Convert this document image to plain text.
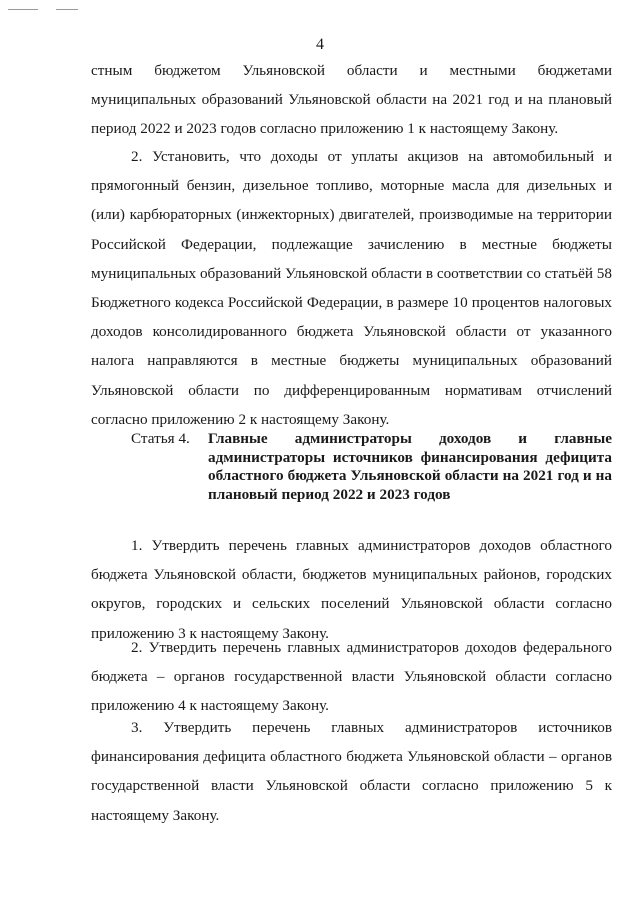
4

стным бюджетом Ульяновской области и местными бюджетами муниципальных образований Ульяновской области на 2021 год и на плановый период 2022 и 2023 годов согласно приложению 1 к настоящему Закону.

2. Установить, что доходы от уплаты акцизов на автомобильный и прямогонный бензин, дизельное топливо, моторные масла для дизельных и (или) карбюраторных (инжекторных) двигателей, производимые на территории Российской Федерации, подлежащие зачислению в местные бюджеты муниципальных образований Ульяновской области в соответствии со статьёй 58 Бюджетного кодекса Российской Федерации, в размере 10 процентов налоговых доходов консолидированного бюджета Ульяновской области от указанного налога направляются в местные бюджеты муниципальных образований Ульяновской области по дифференцированным нормативам отчислений согласно приложению 2 к настоящему Закону.

Статья 4.	Главные администраторы доходов и главные администраторы источников финансирования дефицита областного бюджета Ульяновской области на 2021 год и на плановый период 2022 и 2023 годов

1. Утвердить перечень главных администраторов доходов областного бюджета Ульяновской области, бюджетов муниципальных районов, городских округов, городских и сельских поселений Ульяновской области согласно приложению 3 к настоящему Закону.

2. Утвердить перечень главных администраторов доходов федерального бюджета – органов государственной власти Ульяновской области согласно приложению 4 к настоящему Закону.

3. Утвердить перечень главных администраторов источников финансирования дефицита областного бюджета Ульяновской области – органов государственной власти Ульяновской области согласно приложению 5 к настоящему Закону.
